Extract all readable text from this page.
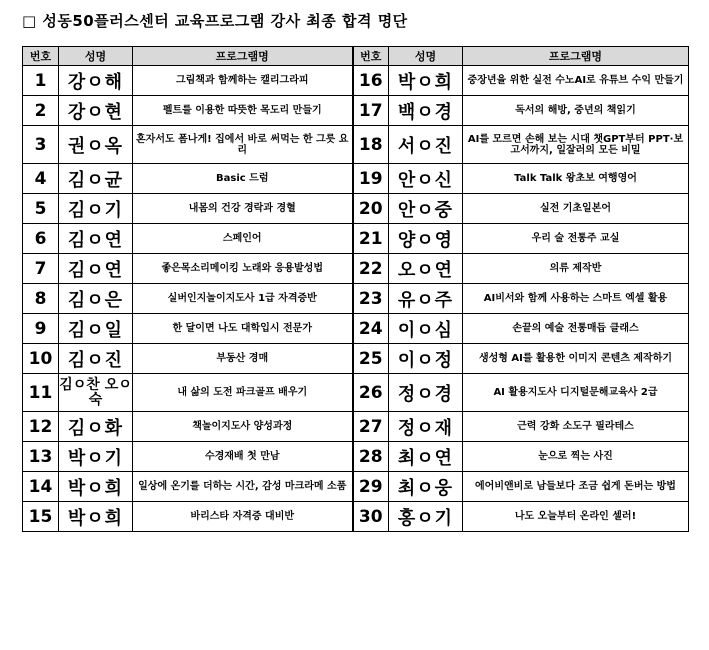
□ 성동50플러스센터 교육프로그램 강사 최종 합격 명단
번호	성명	프로그램명	번호	성명	프로그램명
1	강ㅇ해	그림책과 함께하는 캘리그라피	16	박ㅇ희	중장년을 위한 실전 수노AI로 유튜브 수익 만들기
2	강ㅇ현	펠트를 이용한 따뜻한 목도리 만들기	17	백ㅇ경	독서의 해방, 중년의 책읽기
3	권ㅇ옥	혼자서도 폼나게! 집에서 바로 써먹는 한 그릇 요리	18	서ㅇ진	AI를 모르면 손해 보는 시대 챗GPT부터 PPT·보고서까지, 일잘러의 모든 비밀
4	김ㅇ균	Basic 드럼	19	안ㅇ신	Talk Talk 왕초보 여행영어
5	김ㅇ기	내몸의 건강 경락과 경혈	20	안ㅇ중	실전 기초일본어
6	김ㅇ연	스페인어	21	양ㅇ영	우리 술 전통주 교실
7	김ㅇ연	좋은목소리메이킹 노래와 응용발성법	22	오ㅇ연	의류 제작반
8	김ㅇ은	실버인지놀이지도사 1급 자격증반	23	유ㅇ주	AI비서와 함께 사용하는 스마트 엑셀 활용
9	김ㅇ일	한 달이면 나도 대학입시 전문가	24	이ㅇ심	손끝의 예술 전통매듭 클래스
10	김ㅇ진	부동산 경매	25	이ㅇ정	생성형 AI를 활용한 이미지 콘텐츠 제작하기
11	김ㅇ찬 오ㅇ숙	내 삶의 도전 파크골프 배우기	26	정ㅇ경	AI 활용지도사 디지털문해교육사 2급
12	김ㅇ화	책놀이지도사 양성과정	27	정ㅇ재	근력 강화 소도구 필라테스
13	박ㅇ기	수경재배 첫 만남	28	최ㅇ연	눈으로 찍는 사진
14	박ㅇ희	일상에 온기를 더하는 시간, 감성 마크라메 소품	29	최ㅇ웅	에어비앤비로 남들보다 조금 쉽게 돈버는 방법
15	박ㅇ희	바리스타 자격증 대비반	30	홍ㅇ기	나도 오늘부터 온라인 셀러!
